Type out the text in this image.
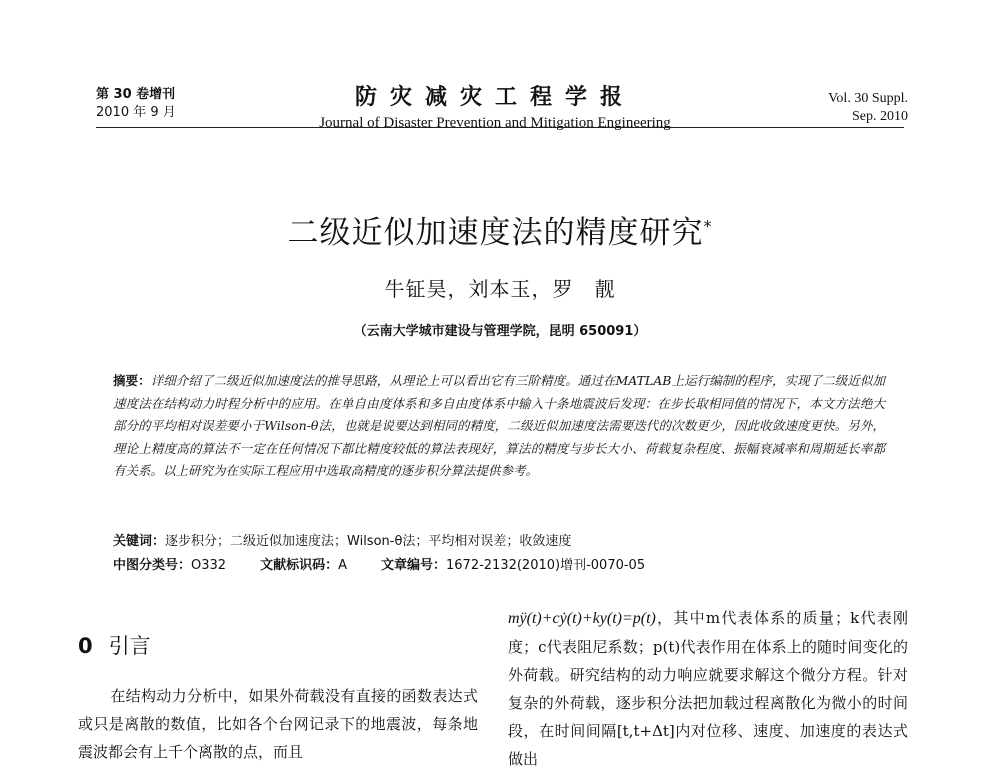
第 30 卷增刊
2010 年 9 月
防灾减灾工程学报
Journal of Disaster Prevention and Mitigation Engineering
Vol. 30 Suppl.
Sep. 2010
二级近似加速度法的精度研究*
牛钲昊，刘本玉，罗　靓
（云南大学城市建设与管理学院，昆明 650091）
摘要：详细介绍了二级近似加速度法的推导思路，从理论上可以看出它有三阶精度。通过在MATLAB上运行编制的程序，实现了二级近似加速度法在结构动力时程分析中的应用。在单自由度体系和多自由度体系中输入十条地震波后发现：在步长取相同值的情况下，本文方法绝大部分的平均相对误差要小于Wilson-θ法，也就是说要达到相同的精度，二级近似加速度法需要迭代的次数更少，因此收敛速度更快。另外，理论上精度高的算法不一定在任何情况下都比精度较低的算法表现好，算法的精度与步长大小、荷载复杂程度、振幅衰减率和周期延长率都有关系。以上研究为在实际工程应用中选取高精度的逐步积分算法提供参考。
关键词：逐步积分；二级近似加速度法；Wilson-θ法；平均相对误差；收敛速度
中图分类号：O332	文献标识码：A	文章编号：1672-2132(2010)增刊-0070-05
0 引言
在结构动力分析中，如果外荷载没有直接的函数表达式或只是离散的数值，比如各个台网记录下的地震波，每条地震波都会有上千个离散的点，而且
mÿ(t)+cẏ(t)+ky(t)=p(t)，其中m代表体系的质量；k代表刚度；c代表阻尼系数；p(t)代表作用在体系上的随时间变化的外荷载。研究结构的动力响应就要求解这个微分方程。针对复杂的外荷载，逐步积分法把加载过程离散化为微小的时间段，在时间间隔[t,t+Δt]内对位移、速度、加速度的表达式做出
